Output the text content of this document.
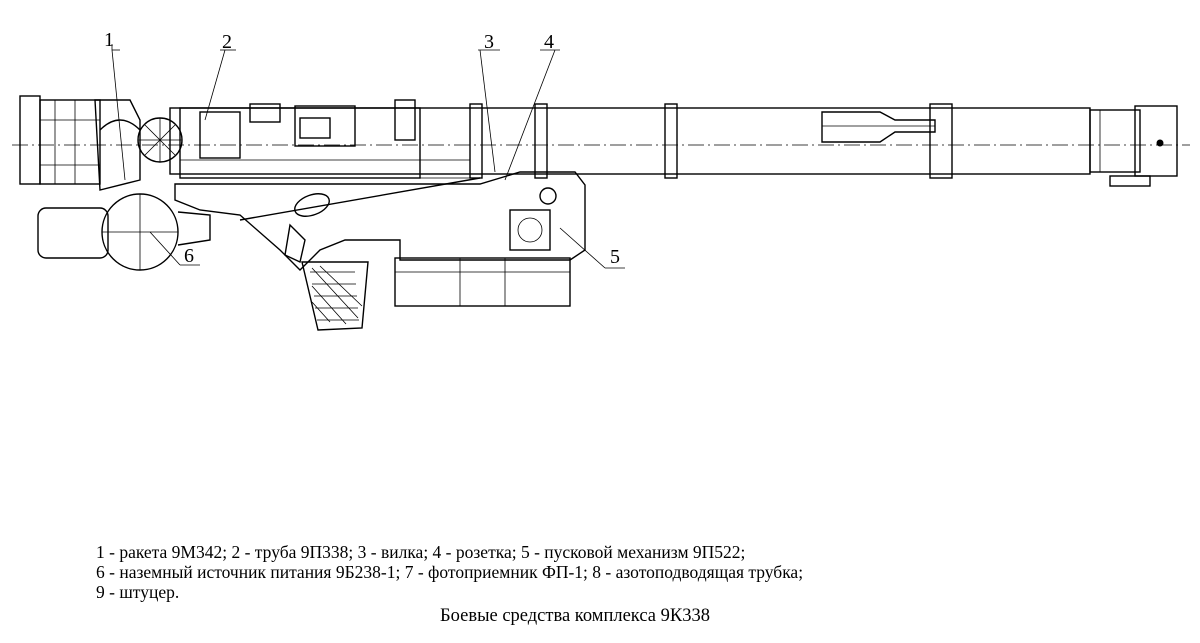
1	2	3	4
5
6
1 - ракета 9М342; 2 - труба 9П338; 3 - вилка; 4 - розетка; 5 - пусковой механизм 9П522;
6 - наземный источник питания 9Б238-1; 7 - фотоприемник ФП-1; 8 - азотоподводящая трубка;
9 - штуцер.
Боевые средства комплекса 9К338
